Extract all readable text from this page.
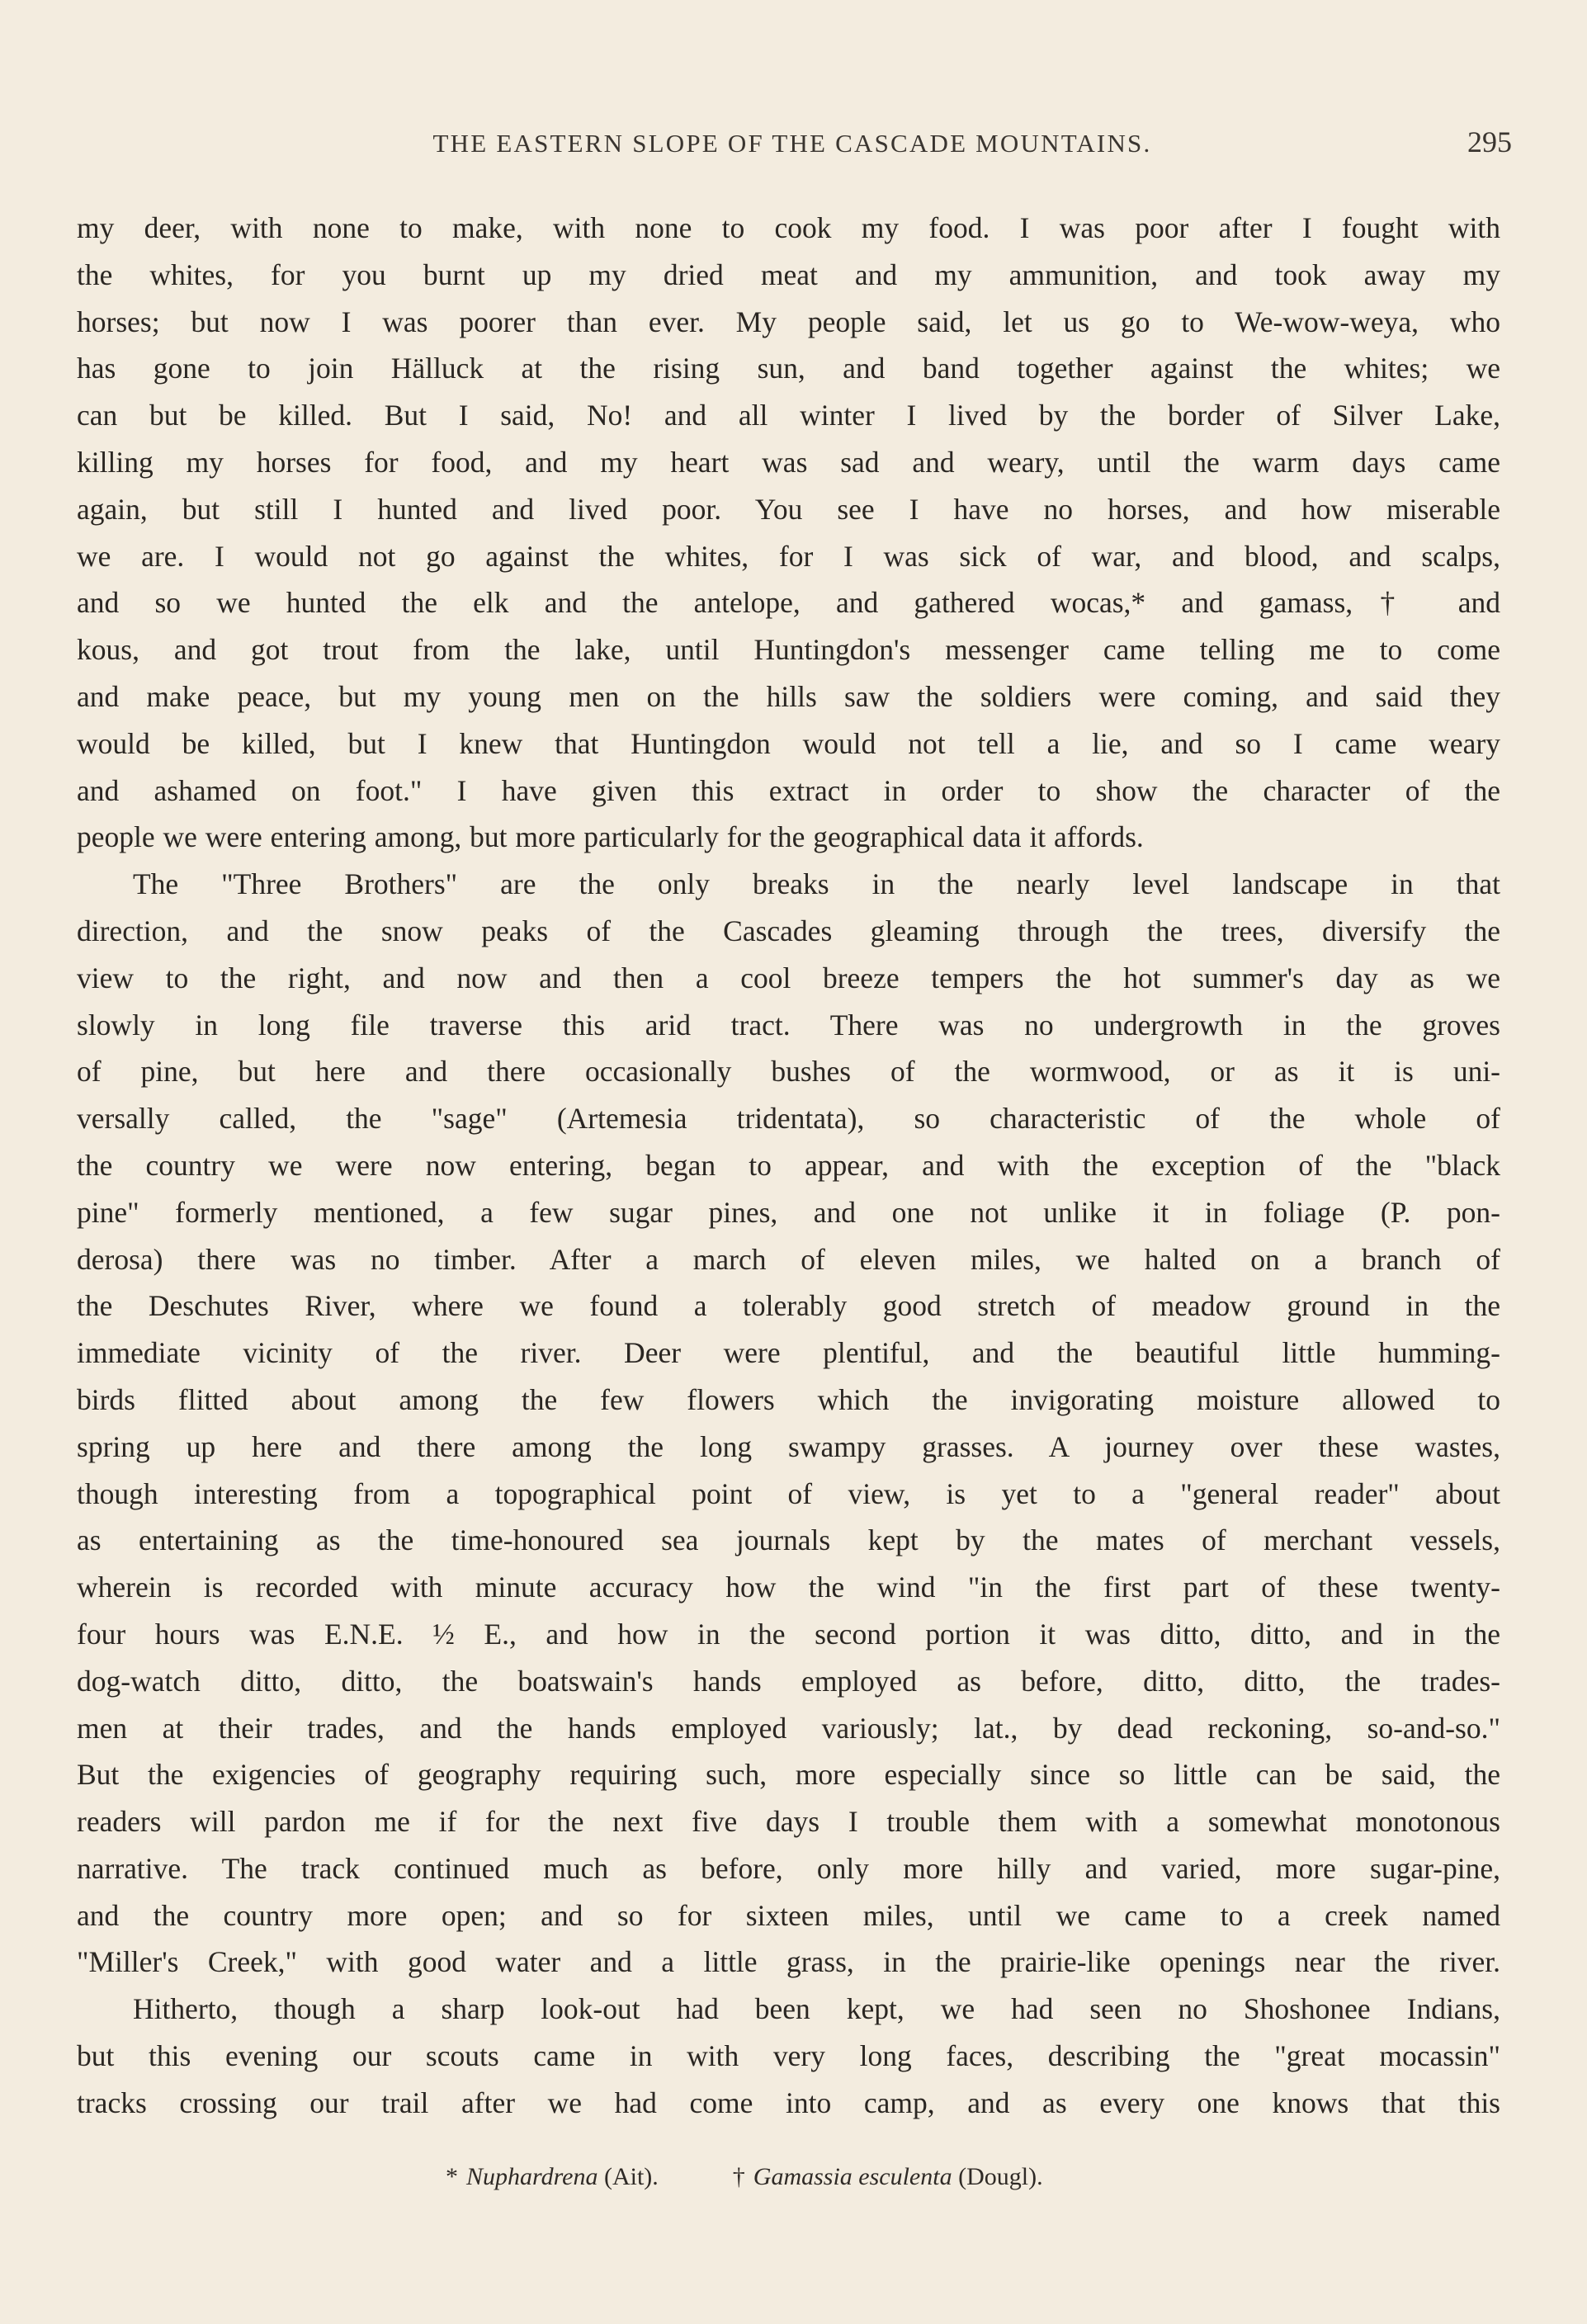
THE EASTERN SLOPE OF THE CASCADE MOUNTAINS.	295
my deer, with none to make, with none to cook my food. I was poor after I fought with
the whites, for you burnt up my dried meat and my ammunition, and took away my
horses; but now I was poorer than ever. My people said, let us go to We-wow-weya, who
has gone to join Hälluck at the rising sun, and band together against the whites; we
can but be killed. But I said, No! and all winter I lived by the border of Silver Lake,
killing my horses for food, and my heart was sad and weary, until the warm days came
again, but still I hunted and lived poor. You see I have no horses, and how miserable
we are. I would not go against the whites, for I was sick of war, and blood, and scalps,
and so we hunted the elk and the antelope, and gathered wocas,* and gamass,† and
kous, and got trout from the lake, until Huntingdon's messenger came telling me to come
and make peace, but my young men on the hills saw the soldiers were coming, and said they
would be killed, but I knew that Huntingdon would not tell a lie, and so I came weary
and ashamed on foot." I have given this extract in order to show the character of the
people we were entering among, but more particularly for the geographical data it affords.
The "Three Brothers" are the only breaks in the nearly level landscape in that
direction, and the snow peaks of the Cascades gleaming through the trees, diversify the
view to the right, and now and then a cool breeze tempers the hot summer's day as we
slowly in long file traverse this arid tract. There was no undergrowth in the groves
of pine, but here and there occasionally bushes of the wormwood, or as it is uni-
versally called, the "sage" (Artemesia tridentata), so characteristic of the whole of
the country we were now entering, began to appear, and with the exception of the "black
pine" formerly mentioned, a few sugar pines, and one not unlike it in foliage (P. pon-
derosa) there was no timber. After a march of eleven miles, we halted on a branch of
the Deschutes River, where we found a tolerably good stretch of meadow ground in the
immediate vicinity of the river. Deer were plentiful, and the beautiful little humming-
birds flitted about among the few flowers which the invigorating moisture allowed to
spring up here and there among the long swampy grasses. A journey over these wastes,
though interesting from a topographical point of view, is yet to a "general reader" about
as entertaining as the time-honoured sea journals kept by the mates of merchant vessels,
wherein is recorded with minute accuracy how the wind "in the first part of these twenty-
four hours was E.N.E. ½ E., and how in the second portion it was ditto, ditto, and in the
dog-watch ditto, ditto, the boatswain's hands employed as before, ditto, ditto, the trades-
men at their trades, and the hands employed variously; lat., by dead reckoning, so-and-so."
But the exigencies of geography requiring such, more especially since so little can be said, the
readers will pardon me if for the next five days I trouble them with a somewhat monotonous
narrative. The track continued much as before, only more hilly and varied, more sugar-pine,
and the country more open; and so for sixteen miles, until we came to a creek named
"Miller's Creek," with good water and a little grass, in the prairie-like openings near the river.
Hitherto, though a sharp look-out had been kept, we had seen no Shoshonee Indians,
but this evening our scouts came in with very long faces, describing the "great mocassin"
tracks crossing our trail after we had come into camp, and as every one knows that this
* Nuphardrena (Ait).	† Gamassia esculenta (Dougl).
